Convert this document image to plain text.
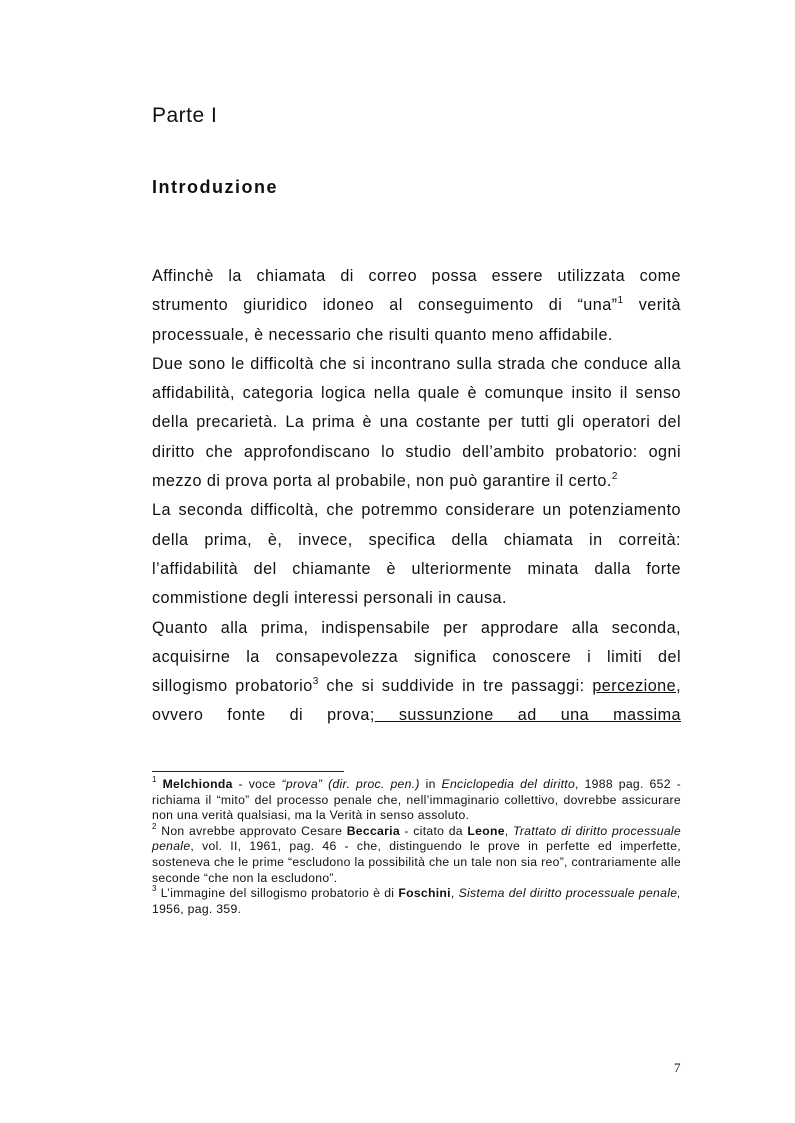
Parte I
Introduzione

Affinchè la chiamata di correo possa essere utilizzata come strumento giuridico idoneo al conseguimento di “una”$^1$ verità processuale, è necessario che risulti quanto meno affidabile.

Due sono le difficoltà che si incontrano sulla strada che conduce alla affidabilità, categoria logica nella quale è comunque insito il senso della precarietà. La prima è una costante per tutti gli operatori del diritto che approfondiscano lo studio dell’ambito probatorio: ogni mezzo di prova porta al probabile, non può garantire il certo.$^2$

La seconda difficoltà, che potremmo considerare un potenziamento della prima, è, invece, specifica della chiamata in correità: l’affidabilità del chiamante è ulteriormente minata dalla forte commistione degli interessi personali in causa.

Quanto alla prima, indispensabile per approdare alla seconda, acquisirne la consapevolezza significa conoscere i limiti del sillogismo probatorio$^3$ che si suddivide in tre passaggi: percezione, ovvero fonte di prova; sussunzione ad una massima

$^1$ Melchionda - voce “prova” (dir. proc. pen.) in Enciclopedia del diritto, 1988 pag. 652 - richiama il “mito” del processo penale che, nell’immaginario collettivo, dovrebbe assicurare non una verità qualsiasi, ma la Verità in senso assoluto.

$^2$ Non avrebbe approvato Cesare Beccaria - citato da Leone, Trattato di diritto processuale penale, vol. II, 1961, pag. 46 - che, distinguendo le prove in perfette ed imperfette, sosteneva che le prime “escludono la possibilità che un tale non sia reo”, contrariamente alle seconde “che non la escludono”.

$^3$ L’immagine del sillogismo probatorio è di Foschini, Sistema del diritto processuale penale, 1956, pag. 359.

7
